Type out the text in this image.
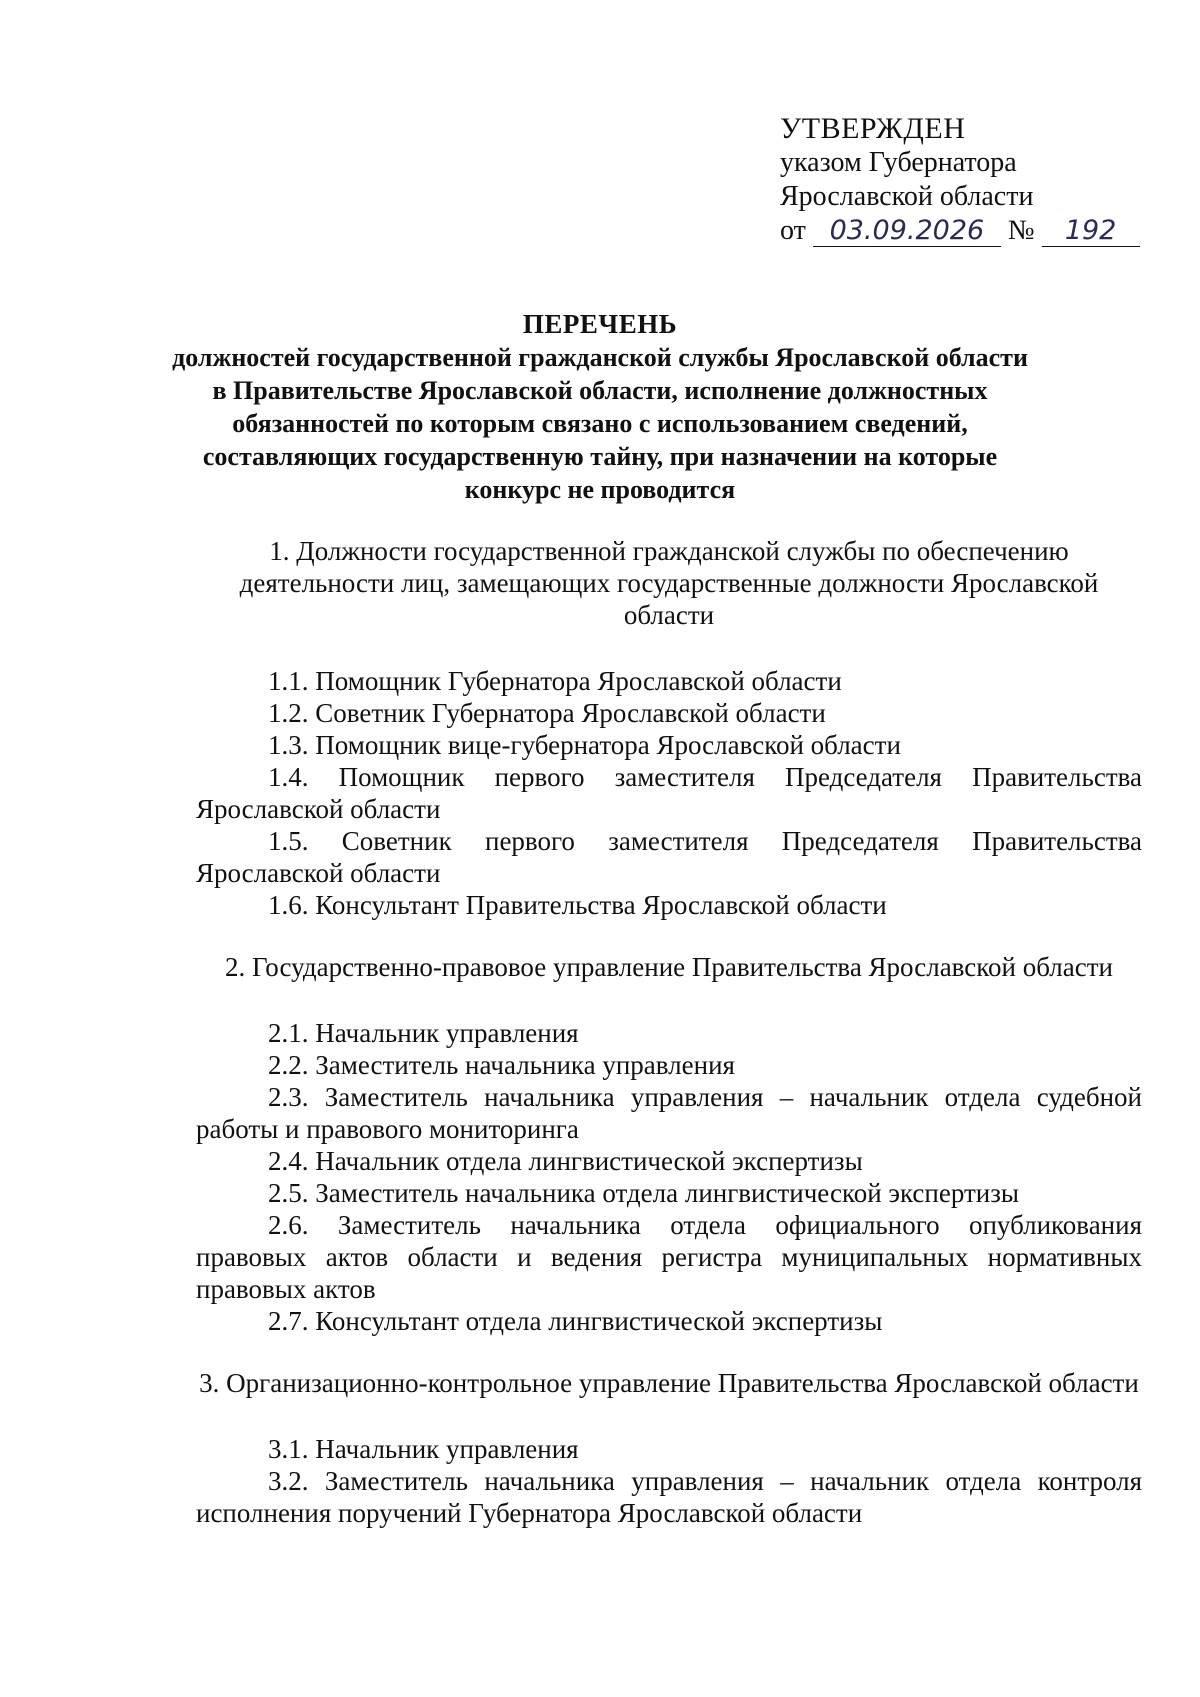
УТВЕРЖДЕН
указом Губернатора
Ярославской области
от 03.09.2026 № 192
ПЕРЕЧЕНЬ
должностей государственной гражданской службы Ярославской области
в Правительстве Ярославской области, исполнение должностных
обязанностей по которым связано с использованием сведений,
составляющих государственную тайну, при назначении на которые
конкурс не проводится

1. Должности государственной гражданской службы по обеспечению деятельности лиц, замещающих государственные должности Ярославской области

1.1. Помощник Губернатора Ярославской области

1.2. Советник Губернатора Ярославской области

1.3. Помощник вице-губернатора Ярославской области

1.4. Помощник первого заместителя Председателя Правительства Ярославской области

1.5. Советник первого заместителя Председателя Правительства Ярославской области

1.6. Консультант Правительства Ярославской области

2. Государственно-правовое управление Правительства Ярославской области

2.1. Начальник управления

2.2. Заместитель начальника управления

2.3. Заместитель начальника управления – начальник отдела судебной работы и правового мониторинга

2.4. Начальник отдела лингвистической экспертизы

2.5. Заместитель начальника отдела лингвистической экспертизы

2.6. Заместитель начальника отдела официального опубликования правовых актов области и ведения регистра муниципальных нормативных правовых актов

2.7. Консультант отдела лингвистической экспертизы

3. Организационно-контрольное управление Правительства Ярославской области

3.1. Начальник управления

3.2. Заместитель начальника управления – начальник отдела контроля исполнения поручений Губернатора Ярославской области
